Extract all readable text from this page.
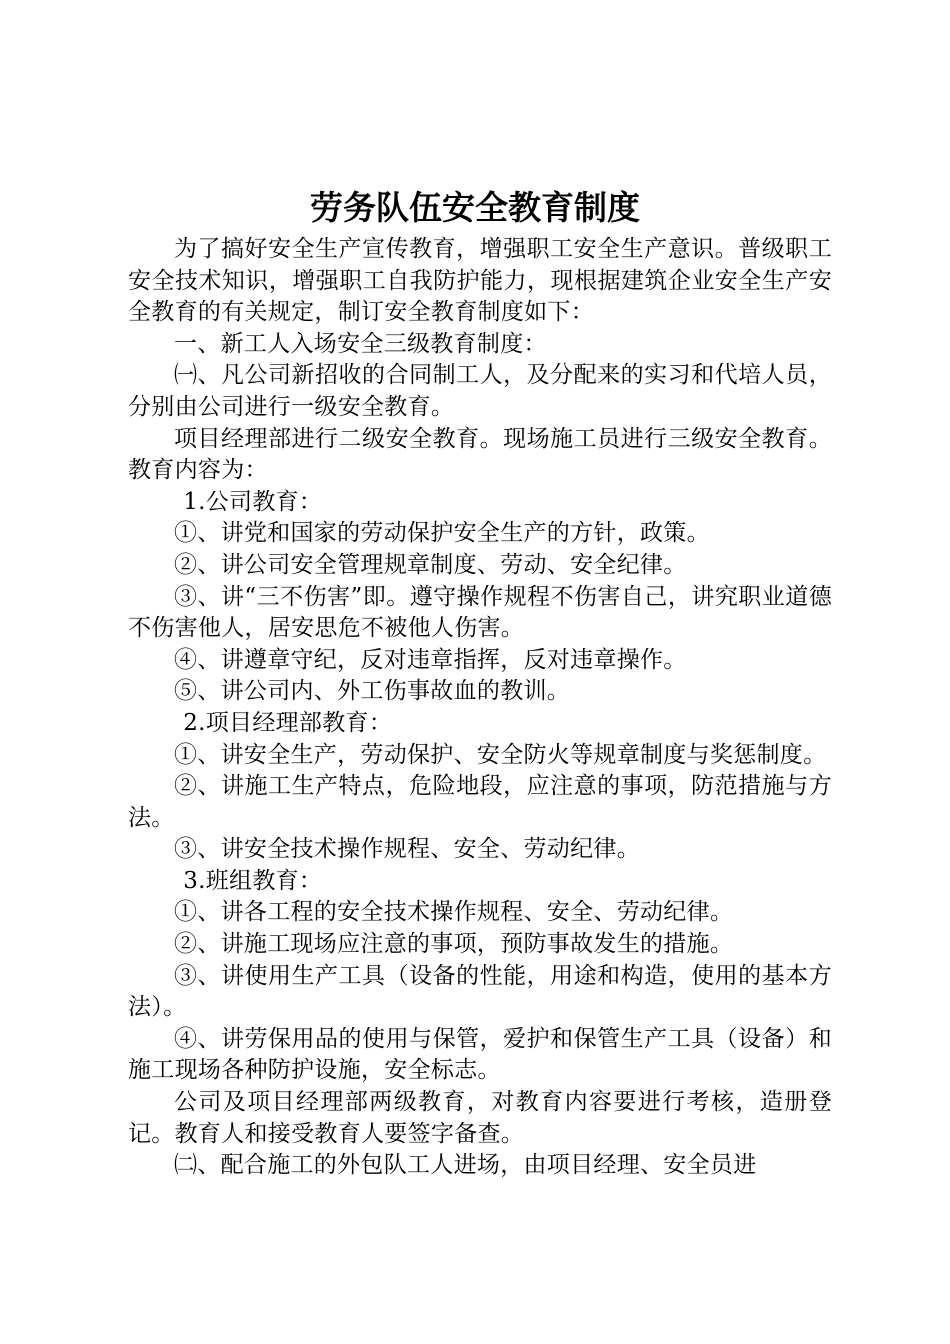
劳务队伍安全教育制度

为了搞好安全生产宣传教育，增强职工安全生产意识。普级职工安全技术知识，增强职工自我防护能力，现根据建筑企业安全生产安全教育的有关规定，制订安全教育制度如下：

一、新工人入场安全三级教育制度：

㈠、凡公司新招收的合同制工人，及分配来的实习和代培人员，分别由公司进行一级安全教育。

项目经理部进行二级安全教育。现场施工员进行三级安全教育。教育内容为：

1.公司教育：

①、讲党和国家的劳动保护安全生产的方针，政策。

②、讲公司安全管理规章制度、劳动、安全纪律。

③、讲“三不伤害”即。遵守操作规程不伤害自己，讲究职业道德不伤害他人，居安思危不被他人伤害。

④、讲遵章守纪，反对违章指挥，反对违章操作。

⑤、讲公司内、外工伤事故血的教训。

2.项目经理部教育：

①、讲安全生产，劳动保护、安全防火等规章制度与奖惩制度。

②、讲施工生产特点，危险地段，应注意的事项，防范措施与方法。

③、讲安全技术操作规程、安全、劳动纪律。

3.班组教育：

①、讲各工程的安全技术操作规程、安全、劳动纪律。

②、讲施工现场应注意的事项，预防事故发生的措施。

③、讲使用生产工具（设备的性能，用途和构造，使用的基本方法）。

④、讲劳保用品的使用与保管，爱护和保管生产工具（设备）和施工现场各种防护设施，安全标志。

公司及项目经理部两级教育，对教育内容要进行考核，造册登记。教育人和接受教育人要签字备查。

㈡、配合施工的外包队工人进场，由项目经理、安全员进
